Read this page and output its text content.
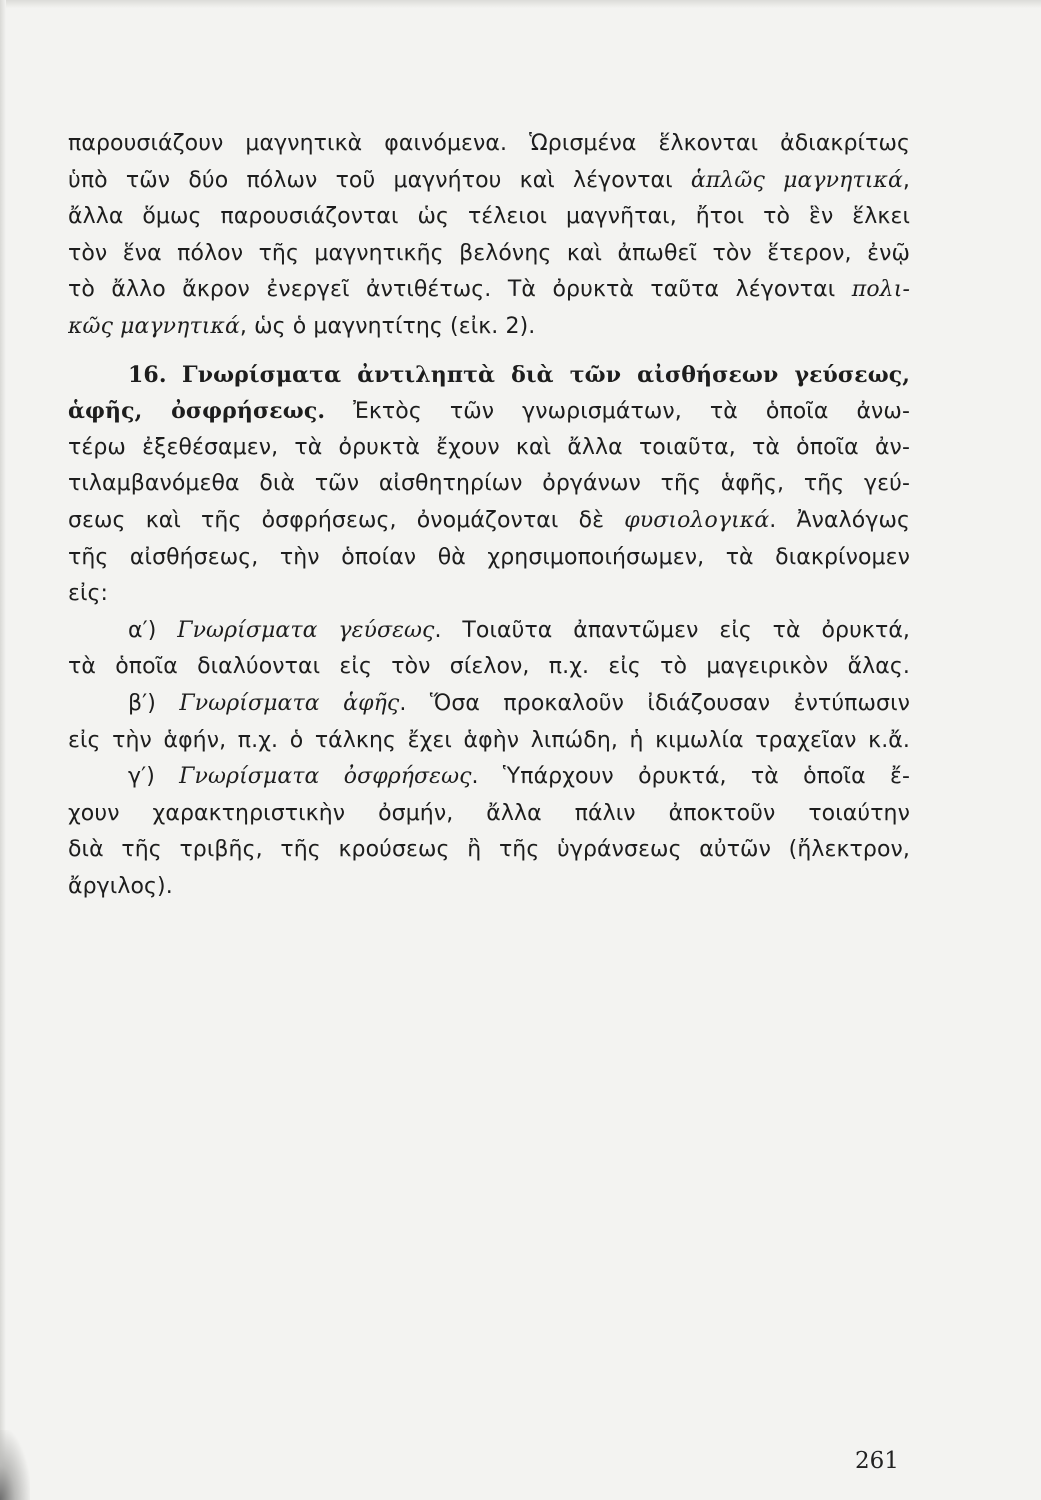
παρουσιάζουν μαγνητικὰ φαινόμενα. Ὡρισμένα ἕλκονται ἀδιακρίτως
ὑπὸ τῶν δύο πόλων τοῦ μαγνήτου καὶ λέγονται ἁπλῶς μαγνητικά,
ἄλλα ὅμως παρουσιάζονται ὡς τέλειοι μαγνῆται, ἤτοι τὸ ἓν ἕλκει
τὸν ἕνα πόλον τῆς μαγνητικῆς βελόνης καὶ ἀπωθεῖ τὸν ἕτερον, ἐνῷ
τὸ ἄλλο ἄκρον ἐνεργεῖ ἀντιθέτως. Τὰ ὀρυκτὰ ταῦτα λέγονται πολι-
κῶς μαγνητικά, ὡς ὁ μαγνητίτης (εἰκ. 2).
16. Γνωρίσματα ἀντιληπτὰ διὰ τῶν αἰσθήσεων γεύσεως,
ἁφῆς, ὀσφρήσεως. Ἐκτὸς τῶν γνωρισμάτων, τὰ ὁποῖα ἀνω-
τέρω ἐξεθέσαμεν, τὰ ὀρυκτὰ ἔχουν καὶ ἄλλα τοιαῦτα, τὰ ὁποῖα ἀν-
τιλαμβανόμεθα διὰ τῶν αἰσθητηρίων ὀργάνων τῆς ἁφῆς, τῆς γεύ-
σεως καὶ τῆς ὀσφρήσεως, ὀνομάζονται δὲ φυσιολογικά. Ἀναλόγως
τῆς αἰσθήσεως, τὴν ὁποίαν θὰ χρησιμοποιήσωμεν, τὰ διακρίνομεν
εἰς:
α′) Γνωρίσματα γεύσεως. Τοιαῦτα ἀπαντῶμεν εἰς τὰ ὀρυκτά,
τὰ ὁποῖα διαλύονται εἰς τὸν σίελον, π.χ. εἰς τὸ μαγειρικὸν ἅλας.
β′) Γνωρίσματα ἁφῆς. Ὅσα προκαλοῦν ἰδιάζουσαν ἐντύπωσιν
εἰς τὴν ἁφήν, π.χ. ὁ τάλκης ἔχει ἁφὴν λιπώδη, ἡ κιμωλία τραχεῖαν κ.ἄ.
γ′) Γνωρίσματα ὀσφρήσεως. Ὑπάρχουν ὀρυκτά, τὰ ὁποῖα ἔ-
χουν χαρακτηριστικὴν ὀσμήν, ἄλλα πάλιν ἀποκτοῦν τοιαύτην
διὰ τῆς τριβῆς, τῆς κρούσεως ἢ τῆς ὑγράνσεως αὐτῶν (ἤλεκτρον,
ἄργιλος).
261
